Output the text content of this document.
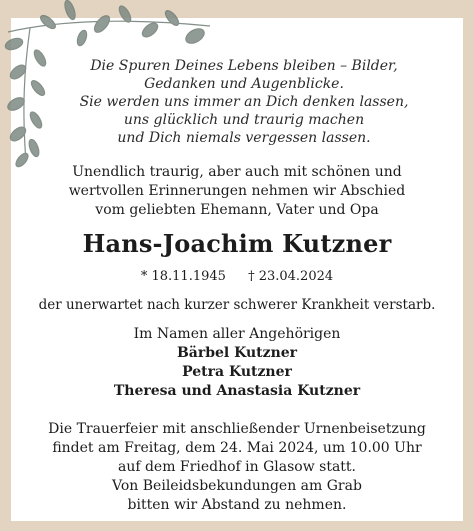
Die Spuren Deines Lebens bleiben – Bilder,
Gedanken und Augenblicke.
Sie werden uns immer an Dich denken lassen,
uns glücklich und traurig machen
und Dich niemals vergessen lassen.
Unendlich traurig, aber auch mit schönen und
wertvollen Erinnerungen nehmen wir Abschied
vom geliebten Ehemann, Vater und Opa
Hans-Joachim Kutzner
* 18.11.1945 † 23.04.2024
der unerwartet nach kurzer schwerer Krankheit verstarb.
Im Namen aller Angehörigen
Bärbel Kutzner
Petra Kutzner
Theresa und Anastasia Kutzner
Die Trauerfeier mit anschließender Urnenbeisetzung
findet am Freitag, dem 24. Mai 2024, um 10.00 Uhr
auf dem Friedhof in Glasow statt.
Von Beileidsbekundungen am Grab
bitten wir Abstand zu nehmen.
